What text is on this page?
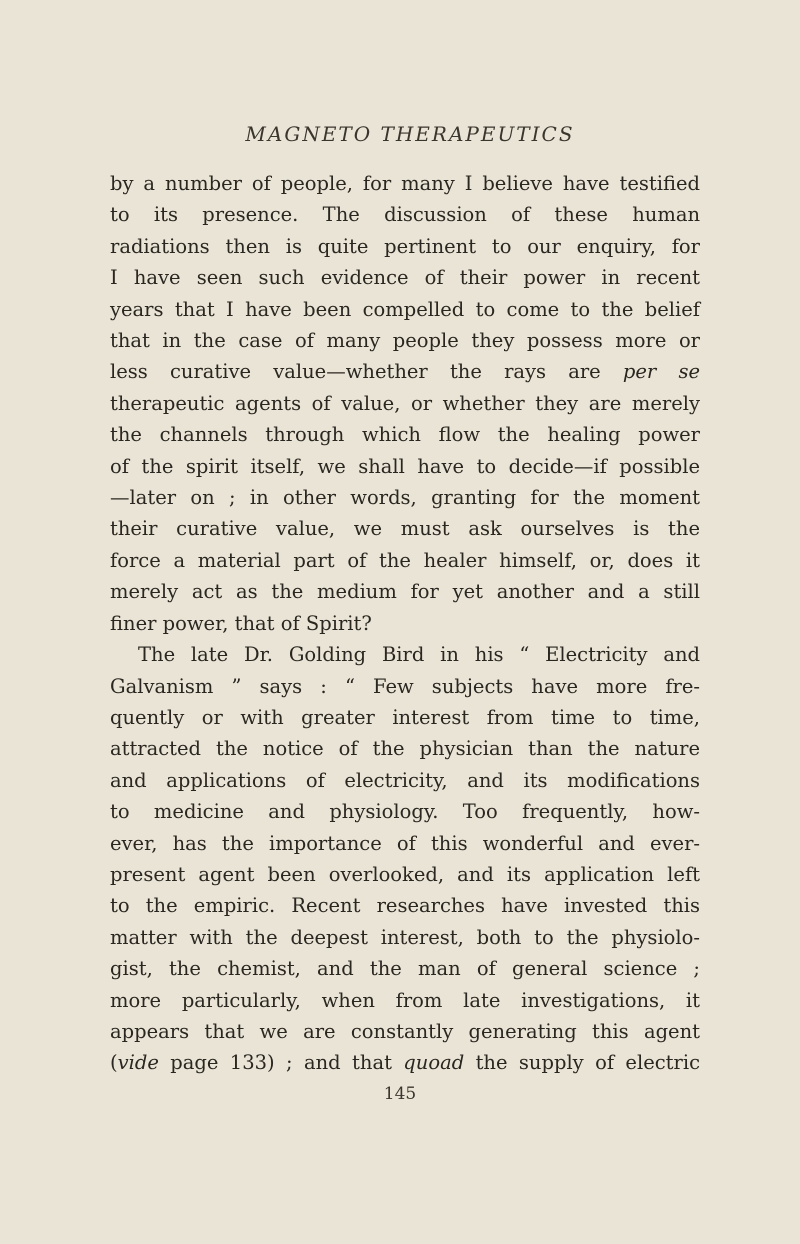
MAGNETO THERAPEUTICS
by a number of people, for many I believe have testified
to its presence. The discussion of these human
radiations then is quite pertinent to our enquiry, for
I have seen such evidence of their power in recent
years that I have been compelled to come to the belief
that in the case of many people they possess more or
less curative value—whether the rays are per se
therapeutic agents of value, or whether they are merely
the channels through which flow the healing power
of the spirit itself, we shall have to decide—if possible
—later on ; in other words, granting for the moment
their curative value, we must ask ourselves is the
force a material part of the healer himself, or, does it
merely act as the medium for yet another and a still
finer power, that of Spirit?
The late Dr. Golding Bird in his “ Electricity and
Galvanism ” says : “ Few subjects have more fre-
quently or with greater interest from time to time,
attracted the notice of the physician than the nature
and applications of electricity, and its modifications
to medicine and physiology. Too frequently, how-
ever, has the importance of this wonderful and ever-
present agent been overlooked, and its application left
to the empiric. Recent researches have invested this
matter with the deepest interest, both to the physiolo-
gist, the chemist, and the man of general science ;
more particularly, when from late investigations, it
appears that we are constantly generating this agent
(vide page 133) ; and that quoad the supply of electric
145
